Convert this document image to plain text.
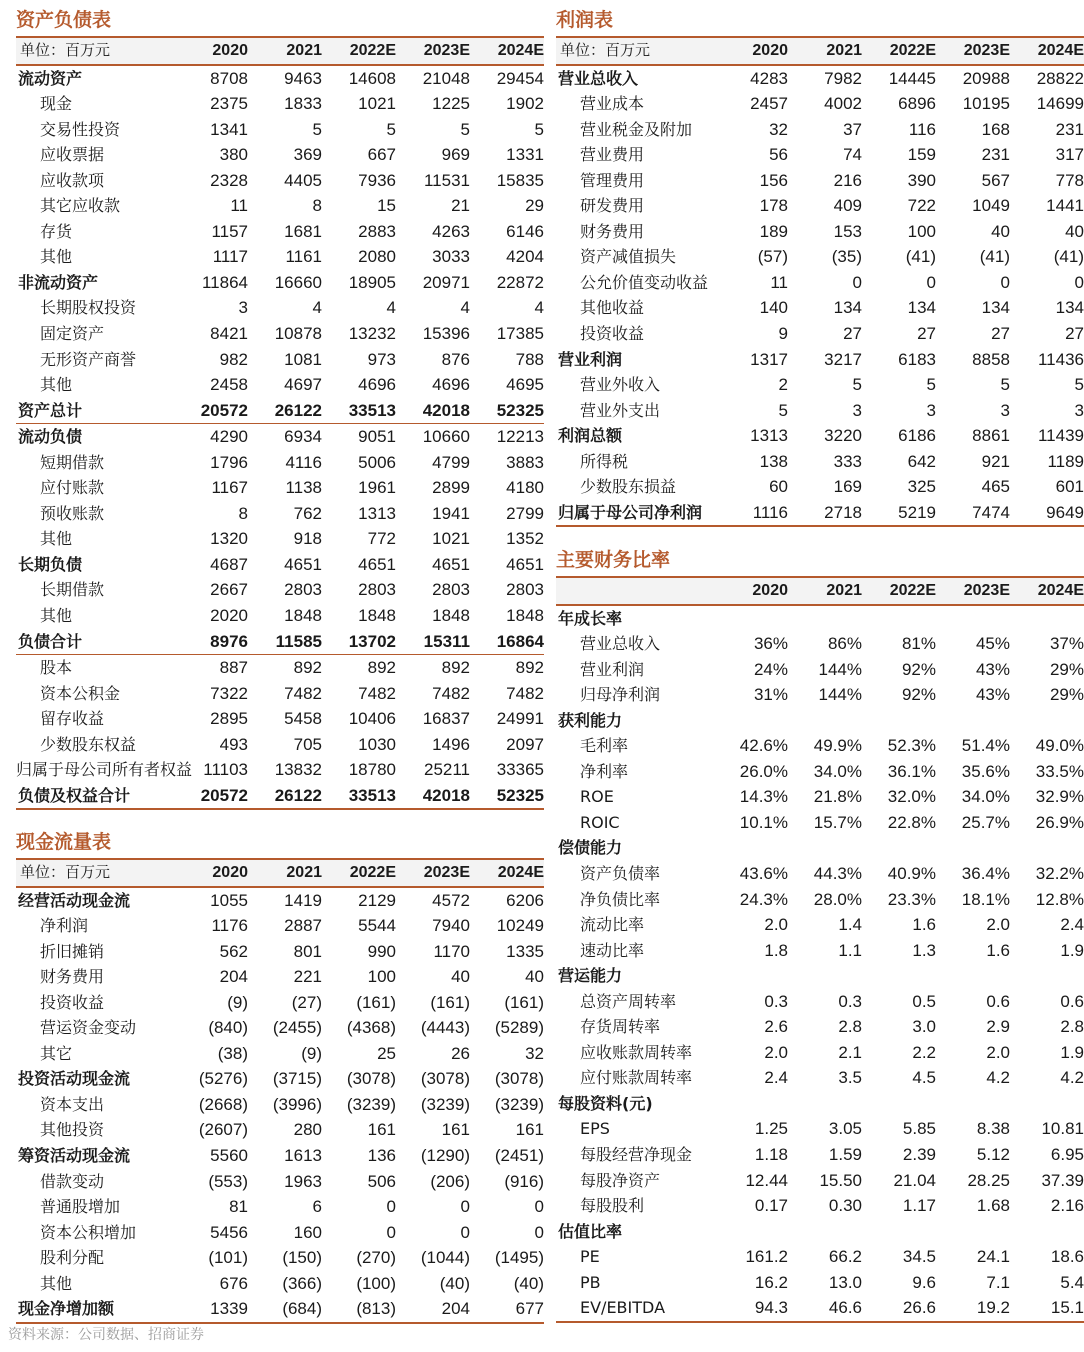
资产负债表
单位：百万元	2020	2021	2022E	2023E	2024E
流动资产	8708	9463	14608	21048	29454
现金	2375	1833	1021	1225	1902
交易性投资	1341	5	5	5	5
应收票据	380	369	667	969	1331
应收款项	2328	4405	7936	11531	15835
其它应收款	11	8	15	21	29
存货	1157	1681	2883	4263	6146
其他	1117	1161	2080	3033	4204
非流动资产	11864	16660	18905	20971	22872
长期股权投资	3	4	4	4	4
固定资产	8421	10878	13232	15396	17385
无形资产商誉	982	1081	973	876	788
其他	2458	4697	4696	4696	4695
资产总计	20572	26122	33513	42018	52325
流动负债	4290	6934	9051	10660	12213
短期借款	1796	4116	5006	4799	3883
应付账款	1167	1138	1961	2899	4180
预收账款	8	762	1313	1941	2799
其他	1320	918	772	1021	1352
长期负债	4687	4651	4651	4651	4651
长期借款	2667	2803	2803	2803	2803
其他	2020	1848	1848	1848	1848
负债合计	8976	11585	13702	15311	16864
股本	887	892	892	892	892
资本公积金	7322	7482	7482	7482	7482
留存收益	2895	5458	10406	16837	24991
少数股东权益	493	705	1030	1496	2097
归属于母公司所有者权益	11103	13832	18780	25211	33365
负债及权益合计	20572	26122	33513	42018	52325
现金流量表
单位：百万元	2020	2021	2022E	2023E	2024E
经营活动现金流	1055	1419	2129	4572	6206
净利润	1176	2887	5544	7940	10249
折旧摊销	562	801	990	1170	1335
财务费用	204	221	100	40	40
投资收益	(9)	(27)	(161)	(161)	(161)
营运资金变动	(840)	(2455)	(4368)	(4443)	(5289)
其它	(38)	(9)	25	26	32
投资活动现金流	(5276)	(3715)	(3078)	(3078)	(3078)
资本支出	(2668)	(3996)	(3239)	(3239)	(3239)
其他投资	(2607)	280	161	161	161
筹资活动现金流	5560	1613	136	(1290)	(2451)
借款变动	(553)	1963	506	(206)	(916)
普通股增加	81	6	0	0	0
资本公积增加	5456	160	0	0	0
股利分配	(101)	(150)	(270)	(1044)	(1495)
其他	676	(366)	(100)	(40)	(40)
现金净增加额	1339	(684)	(813)	204	677
利润表
单位：百万元	2020	2021	2022E	2023E	2024E
营业总收入	4283	7982	14445	20988	28822
营业成本	2457	4002	6896	10195	14699
营业税金及附加	32	37	116	168	231
营业费用	56	74	159	231	317
管理费用	156	216	390	567	778
研发费用	178	409	722	1049	1441
财务费用	189	153	100	40	40
资产减值损失	(57)	(35)	(41)	(41)	(41)
公允价值变动收益	11	0	0	0	0
其他收益	140	134	134	134	134
投资收益	9	27	27	27	27
营业利润	1317	3217	6183	8858	11436
营业外收入	2	5	5	5	5
营业外支出	5	3	3	3	3
利润总额	1313	3220	6186	8861	11439
所得税	138	333	642	921	1189
少数股东损益	60	169	325	465	601
归属于母公司净利润	1116	2718	5219	7474	9649
主要财务比率
	2020	2021	2022E	2023E	2024E
年成长率					
营业总收入	36%	86%	81%	45%	37%
营业利润	24%	144%	92%	43%	29%
归母净利润	31%	144%	92%	43%	29%
获利能力					
毛利率	42.6%	49.9%	52.3%	51.4%	49.0%
净利率	26.0%	34.0%	36.1%	35.6%	33.5%
ROE	14.3%	21.8%	32.0%	34.0%	32.9%
ROIC	10.1%	15.7%	22.8%	25.7%	26.9%
偿债能力					
资产负债率	43.6%	44.3%	40.9%	36.4%	32.2%
净负债比率	24.3%	28.0%	23.3%	18.1%	12.8%
流动比率	2.0	1.4	1.6	2.0	2.4
速动比率	1.8	1.1	1.3	1.6	1.9
营运能力					
总资产周转率	0.3	0.3	0.5	0.6	0.6
存货周转率	2.6	2.8	3.0	2.9	2.8
应收账款周转率	2.0	2.1	2.2	2.0	1.9
应付账款周转率	2.4	3.5	4.5	4.2	4.2
每股资料(元)					
EPS	1.25	3.05	5.85	8.38	10.81
每股经营净现金	1.18	1.59	2.39	5.12	6.95
每股净资产	12.44	15.50	21.04	28.25	37.39
每股股利	0.17	0.30	1.17	1.68	2.16
估值比率					
PE	161.2	66.2	34.5	24.1	18.6
PB	16.2	13.0	9.6	7.1	5.4
EV/EBITDA	94.3	46.6	26.6	19.2	15.1
资料来源：公司数据、招商证券
